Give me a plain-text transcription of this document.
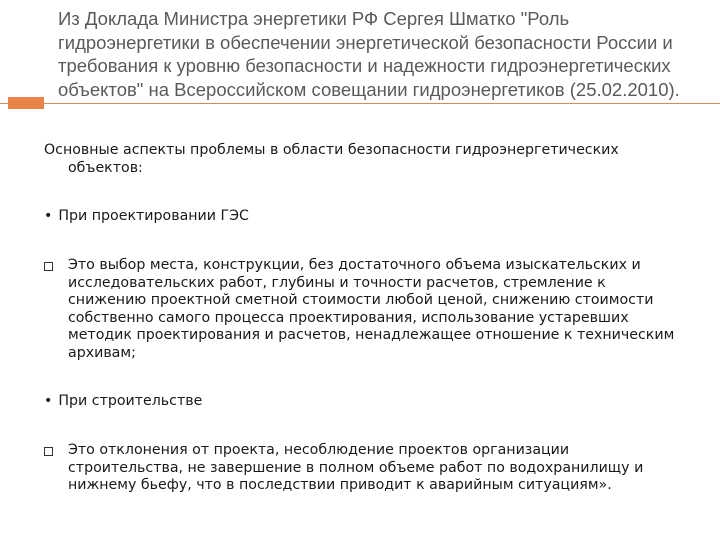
Из Доклада Министра энергетики РФ Сергея Шматко "Роль гидроэнергетики в обеспечении энергетической безопасности России и требования к уровню безопасности и надежности гидроэнергетических объектов" на Всероссийском совещании гидроэнергетиков (25.02.2010).

Основные аспекты проблемы в области безопасности гидроэнергетических
объектов:

• При проектировании ГЭС

Это выбор места, конструкции, без достаточного объема изыскательских и исследовательских работ, глубины и точности расчетов, стремление к снижению проектной сметной стоимости любой ценой, снижению стоимости собственно самого процесса проектирования, использование устаревших методик проектирования и расчетов, ненадлежащее отношение к техническим архивам;

• При строительстве

Это отклонения от проекта, несоблюдение проектов организации строительства, не завершение в полном объеме работ по водохранилищу и нижнему бьефу, что в последствии приводит к аварийным ситуациям».
